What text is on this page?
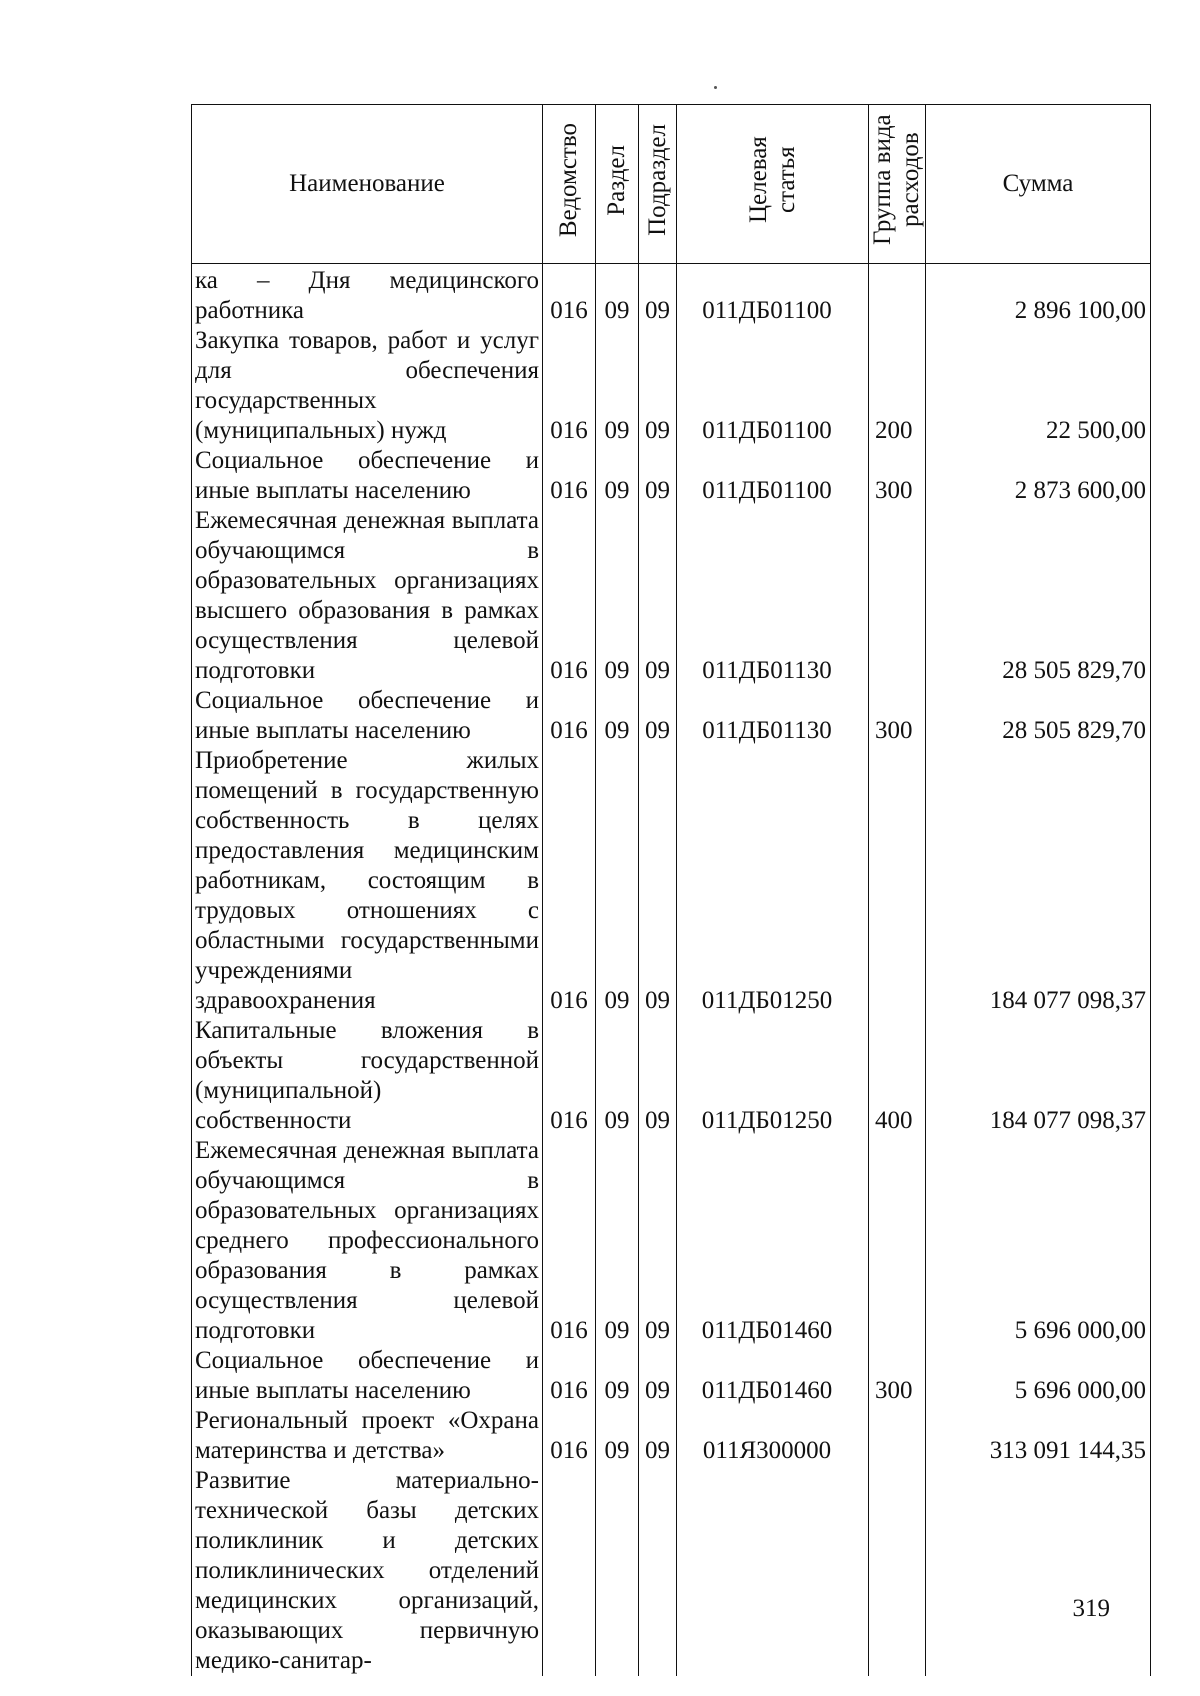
Наименование	Ведомство	Раздел	Подраздел	Целевая статья	Группа вида расходов	Сумма
ка – Дня медицинского работника	016	09	09	011ДБ01100		2 896 100,00
Закупка товаров, работ и услуг для обеспечения государственных (муниципальных) нужд	016	09	09	011ДБ01100	200	22 500,00
Социальное обеспечение и иные выплаты населению	016	09	09	011ДБ01100	300	2 873 600,00
Ежемесячная денежная выплата обучающимся в образовательных организациях высшего образования в рамках осуществления целевой подготовки	016	09	09	011ДБ01130		28 505 829,70
Социальное обеспечение и иные выплаты населению	016	09	09	011ДБ01130	300	28 505 829,70
Приобретение жилых помещений в государственную собственность в целях предоставления медицинским работникам, состоящим в трудовых отношениях с областными государственными учреждениями здравоохранения	016	09	09	011ДБ01250		184 077 098,37
Капитальные вложения в объекты государственной (муниципальной) собственности	016	09	09	011ДБ01250	400	184 077 098,37
Ежемесячная денежная выплата обучающимся в образовательных организациях среднего профессионального образования в рамках осуществления целевой подготовки	016	09	09	011ДБ01460		5 696 000,00
Социальное обеспечение и иные выплаты населению	016	09	09	011ДБ01460	300	5 696 000,00
Региональный проект «Охрана материнства и детства»	016	09	09	011Я300000		313 091 144,35
Развитие материально-технической базы детских поликлиник и детских поликлинических отделений медицинских организаций, оказывающих первичную медико-санитар-						
319
